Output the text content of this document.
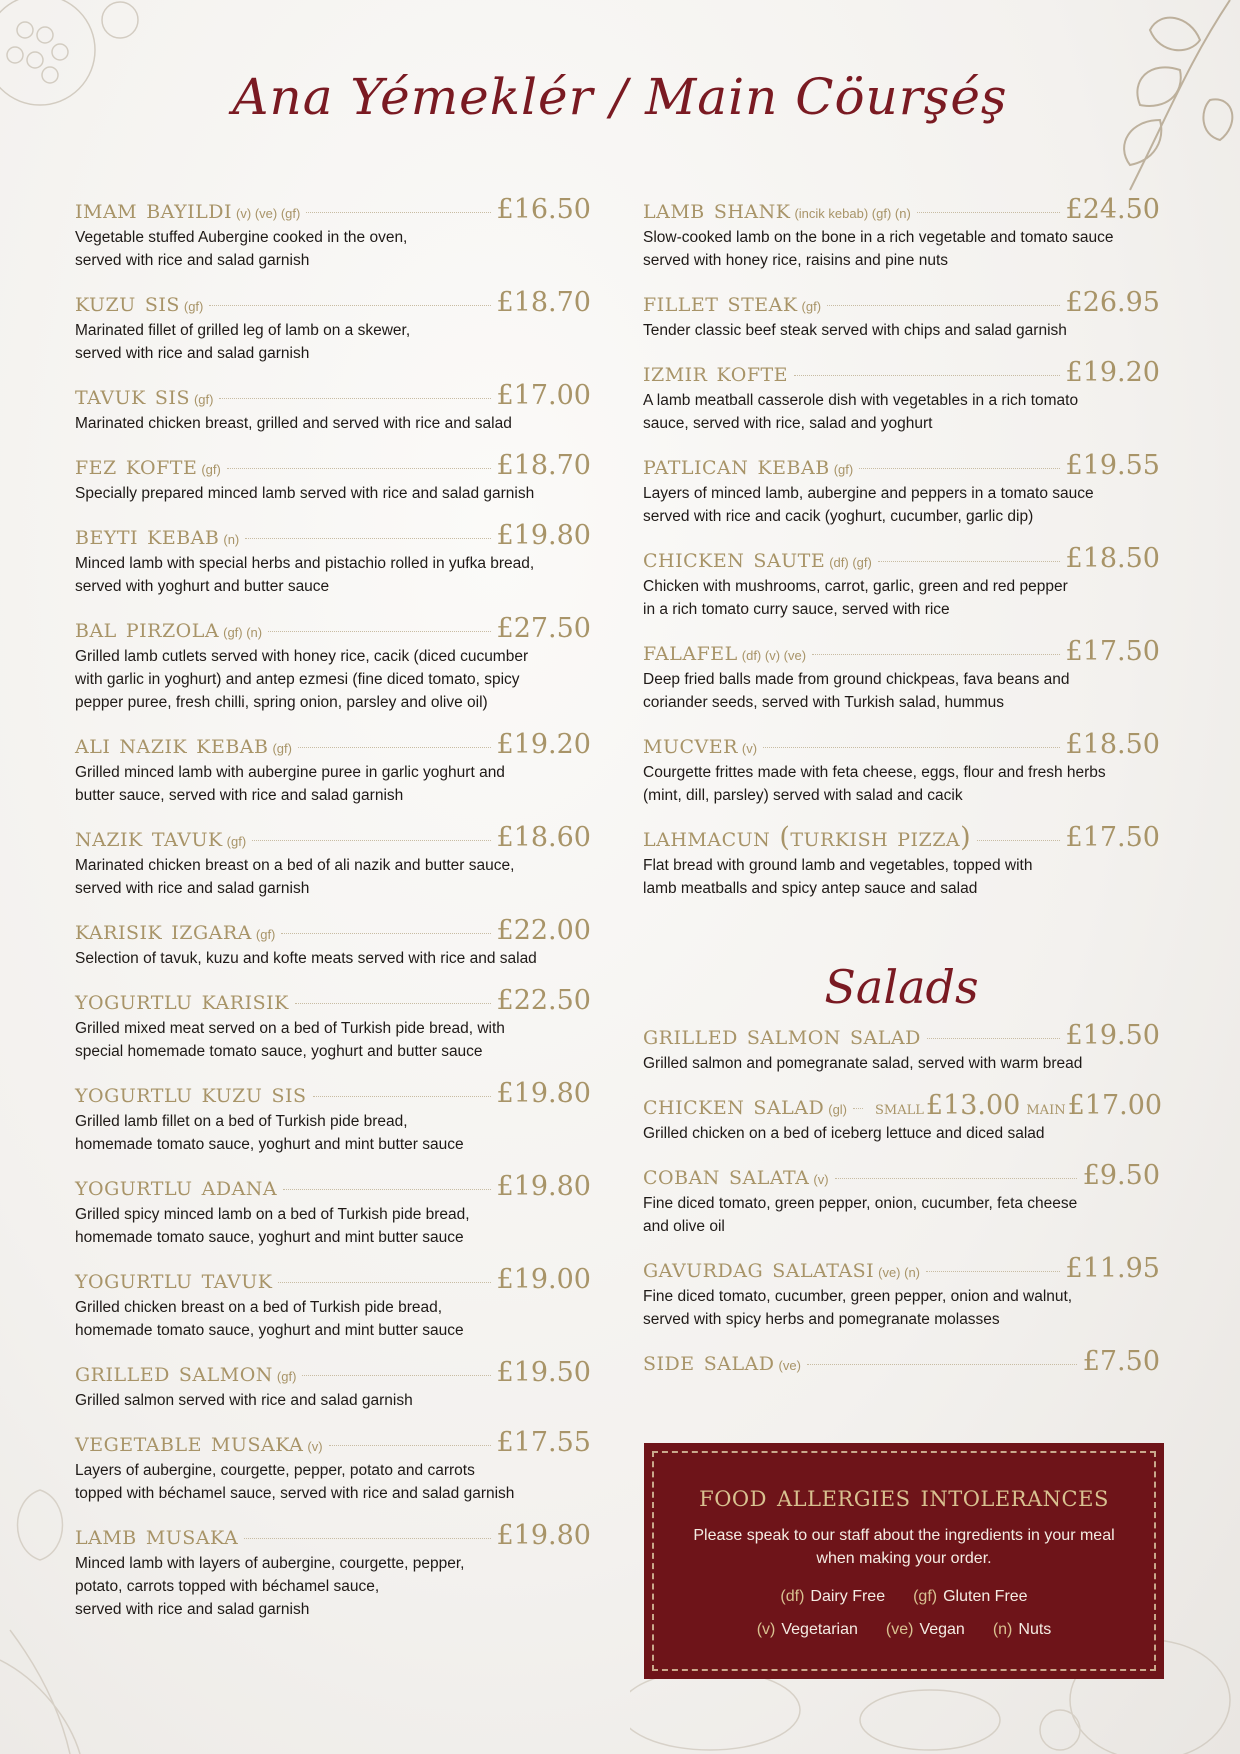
Ana Yémeklér / Main Cöurşéş
imam bayildi (v) (ve) (gf)	£16.50
Vegetable stuffed Aubergine cooked in the oven,
served with rice and salad garnish
kuzu sis (gf)	£18.70
Marinated fillet of grilled leg of lamb on a skewer,
served with rice and salad garnish
tavuk sis (gf)	£17.00
Marinated chicken breast, grilled and served with rice and salad
fez kofte (gf)	£18.70
Specially prepared minced lamb served with rice and salad garnish
beyti kebab (n)	£19.80
Minced lamb with special herbs and pistachio rolled in yufka bread,
served with yoghurt and butter sauce
bal pirzola (gf) (n)	£27.50
Grilled lamb cutlets served with honey rice, cacik (diced cucumber
with garlic in yoghurt) and antep ezmesi (fine diced tomato, spicy
pepper puree, fresh chilli, spring onion, parsley and olive oil)
ali nazik kebab (gf)	£19.20
Grilled minced lamb with aubergine puree in garlic yoghurt and
butter sauce, served with rice and salad garnish
nazik tavuk (gf)	£18.60
Marinated chicken breast on a bed of ali nazik and butter sauce,
served with rice and salad garnish
karisik izgara (gf)	£22.00
Selection of tavuk, kuzu and kofte meats served with rice and salad
yogurtlu karisik	£22.50
Grilled mixed meat served on a bed of Turkish pide bread, with
special homemade tomato sauce, yoghurt and butter sauce
yogurtlu kuzu sis	£19.80
Grilled lamb fillet on a bed of Turkish pide bread,
homemade tomato sauce, yoghurt and mint butter sauce
yogurtlu adana	£19.80
Grilled spicy minced lamb on a bed of Turkish pide bread,
homemade tomato sauce, yoghurt and mint butter sauce
yogurtlu tavuk	£19.00
Grilled chicken breast on a bed of Turkish pide bread,
homemade tomato sauce, yoghurt and mint butter sauce
grilled salmon (gf)	£19.50
Grilled salmon served with rice and salad garnish
vegetable musaka (v)	£17.55
Layers of aubergine, courgette, pepper, potato and carrots
topped with béchamel sauce, served with rice and salad garnish
lamb musaka	£19.80
Minced lamb with layers of aubergine, courgette, pepper,
potato, carrots topped with béchamel sauce,
served with rice and salad garnish
lamb shank (incik kebab) (gf) (n)	£24.50
Slow-cooked lamb on the bone in a rich vegetable and tomato sauce
served with honey rice, raisins and pine nuts
fillet steak (gf)	£26.95
Tender classic beef steak served with chips and salad garnish
izmir kofte	£19.20
A lamb meatball casserole dish with vegetables in a rich tomato
sauce, served with rice, salad and yoghurt
patlican kebab (gf)	£19.55
Layers of minced lamb, aubergine and peppers in a tomato sauce
served with rice and cacik (yoghurt, cucumber, garlic dip)
chicken saute (df) (gf)	£18.50
Chicken with mushrooms, carrot, garlic, green and red pepper
in a rich tomato curry sauce, served with rice
falafel (df) (v) (ve)	£17.50
Deep fried balls made from ground chickpeas, fava beans and
coriander seeds, served with Turkish salad, hummus
mucver (v)	£18.50
Courgette frittes made with feta cheese, eggs, flour and fresh herbs
(mint, dill, parsley) served with salad and cacik
lahmacun (turkish pizza)	£17.50
Flat bread with ground lamb and vegetables, topped with
lamb meatballs and spicy antep sauce and salad
Salads
grilled salmon salad	£19.50
Grilled salmon and pomegranate salad, served with warm bread
chicken salad (gl) small £13.00 main £17.00
Grilled chicken on a bed of iceberg lettuce and diced salad
coban salata (v)	£9.50
Fine diced tomato, green pepper, onion, cucumber, feta cheese
and olive oil
gavurdag salatasi (ve) (n)	£11.95
Fine diced tomato, cucumber, green pepper, onion and walnut,
served with spicy herbs and pomegranate molasses
side salad (ve)	£7.50
food allergies intolerances
Please speak to our staff about the ingredients in your meal when making your order.
(df) Dairy Free (gf) Gluten Free
(v) Vegetarian (ve) Vegan (n) Nuts
